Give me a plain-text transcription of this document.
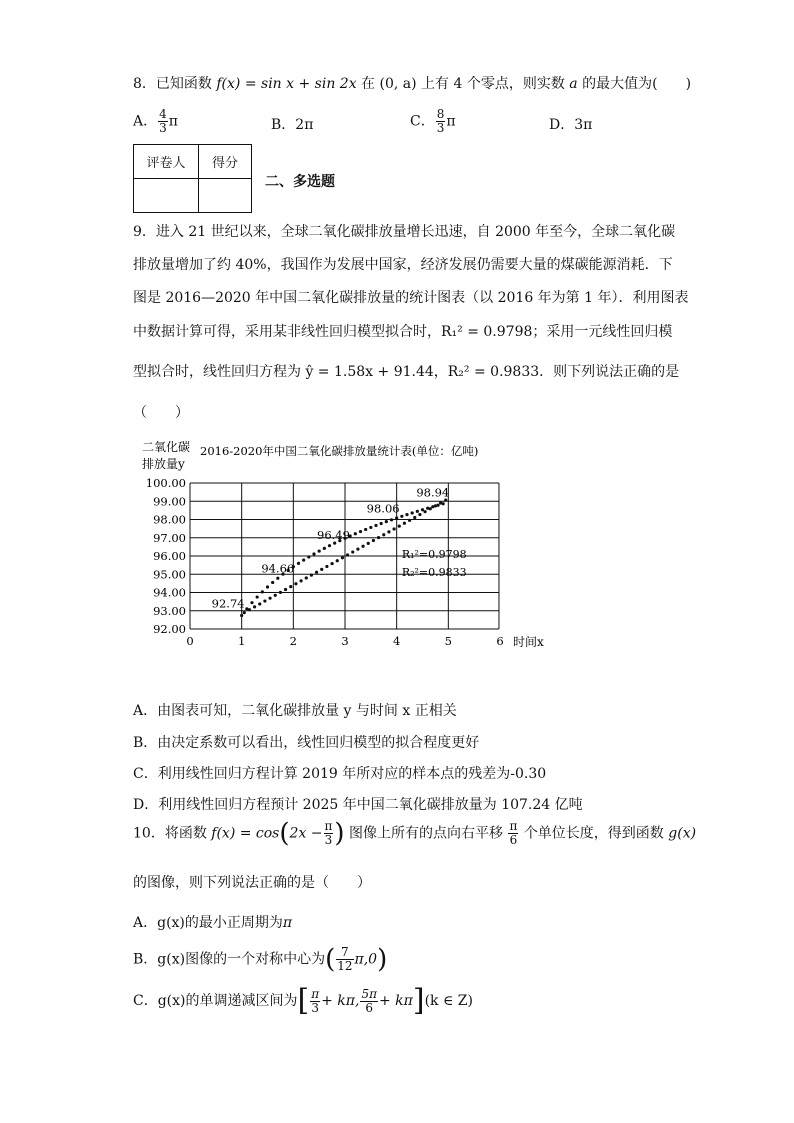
8．已知函数 f(x) = sin x + sin 2x 在 (0, a) 上有 4 个零点，则实数 a 的最大值为(　　)
A． $\frac{4}{3}$ π	B．2π	C． $\frac{8}{3}$ π	D．3π
评卷人	得分

二、多选题
9．进入 21 世纪以来，全球二氧化碳排放量增长迅速，自 2000 年至今，全球二氧化碳
排放量增加了约 40%，我国作为发展中国家，经济发展仍需要大量的煤碳能源消耗．下
图是 2016—2020 年中国二氧化碳排放量的统计图表（以 2016 年为第 1 年）．利用图表
中数据计算可得，采用某非线性回归模型拟合时，R₁² = 0.9798；采用一元线性回归模
型拟合时，线性回归方程为 ŷ = 1.58x + 91.44，R₂² = 0.9833．则下列说法正确的是
（　　）
二氧化碳
排放量y
2016-2020年中国二氧化碳排放量统计表(单位：亿吨)
92.00
93.00
94.00
95.00
96.00
97.00
98.00
99.00
100.00
0	1	2	3	4	5	6
92.74
94.66
96.49
98.06
98.94
R₁²=0.9798
R₂²=0.9833
时间x
A．由图表可知，二氧化碳排放量 y 与时间 x 正相关
B．由决定系数可以看出，线性回归模型的拟合程度更好
C．利用线性回归方程计算 2019 年所对应的样本点的残差为-0.30
D．利用线性回归方程预计 2025 年中国二氧化碳排放量为 107.24 亿吨
10．将函数 $f(x) = \cos(2x - \frac{\pi}{3}$ ) 图像上所有的点向右平移 $\frac{\pi}{6}$ 个单位长度，得到函数 g(x)
的图像，则下列说法正确的是（　　）
A．g(x)的最小正周期为π
B．g(x)图像的一个对称中心为( $\frac{7}{12} \pi,0$)
C．g(x)的单调递减区间为[ $\frac{\pi}{3} + k\pi$, $\frac{5\pi}{6} + k\pi](k$ ∈ Z)
